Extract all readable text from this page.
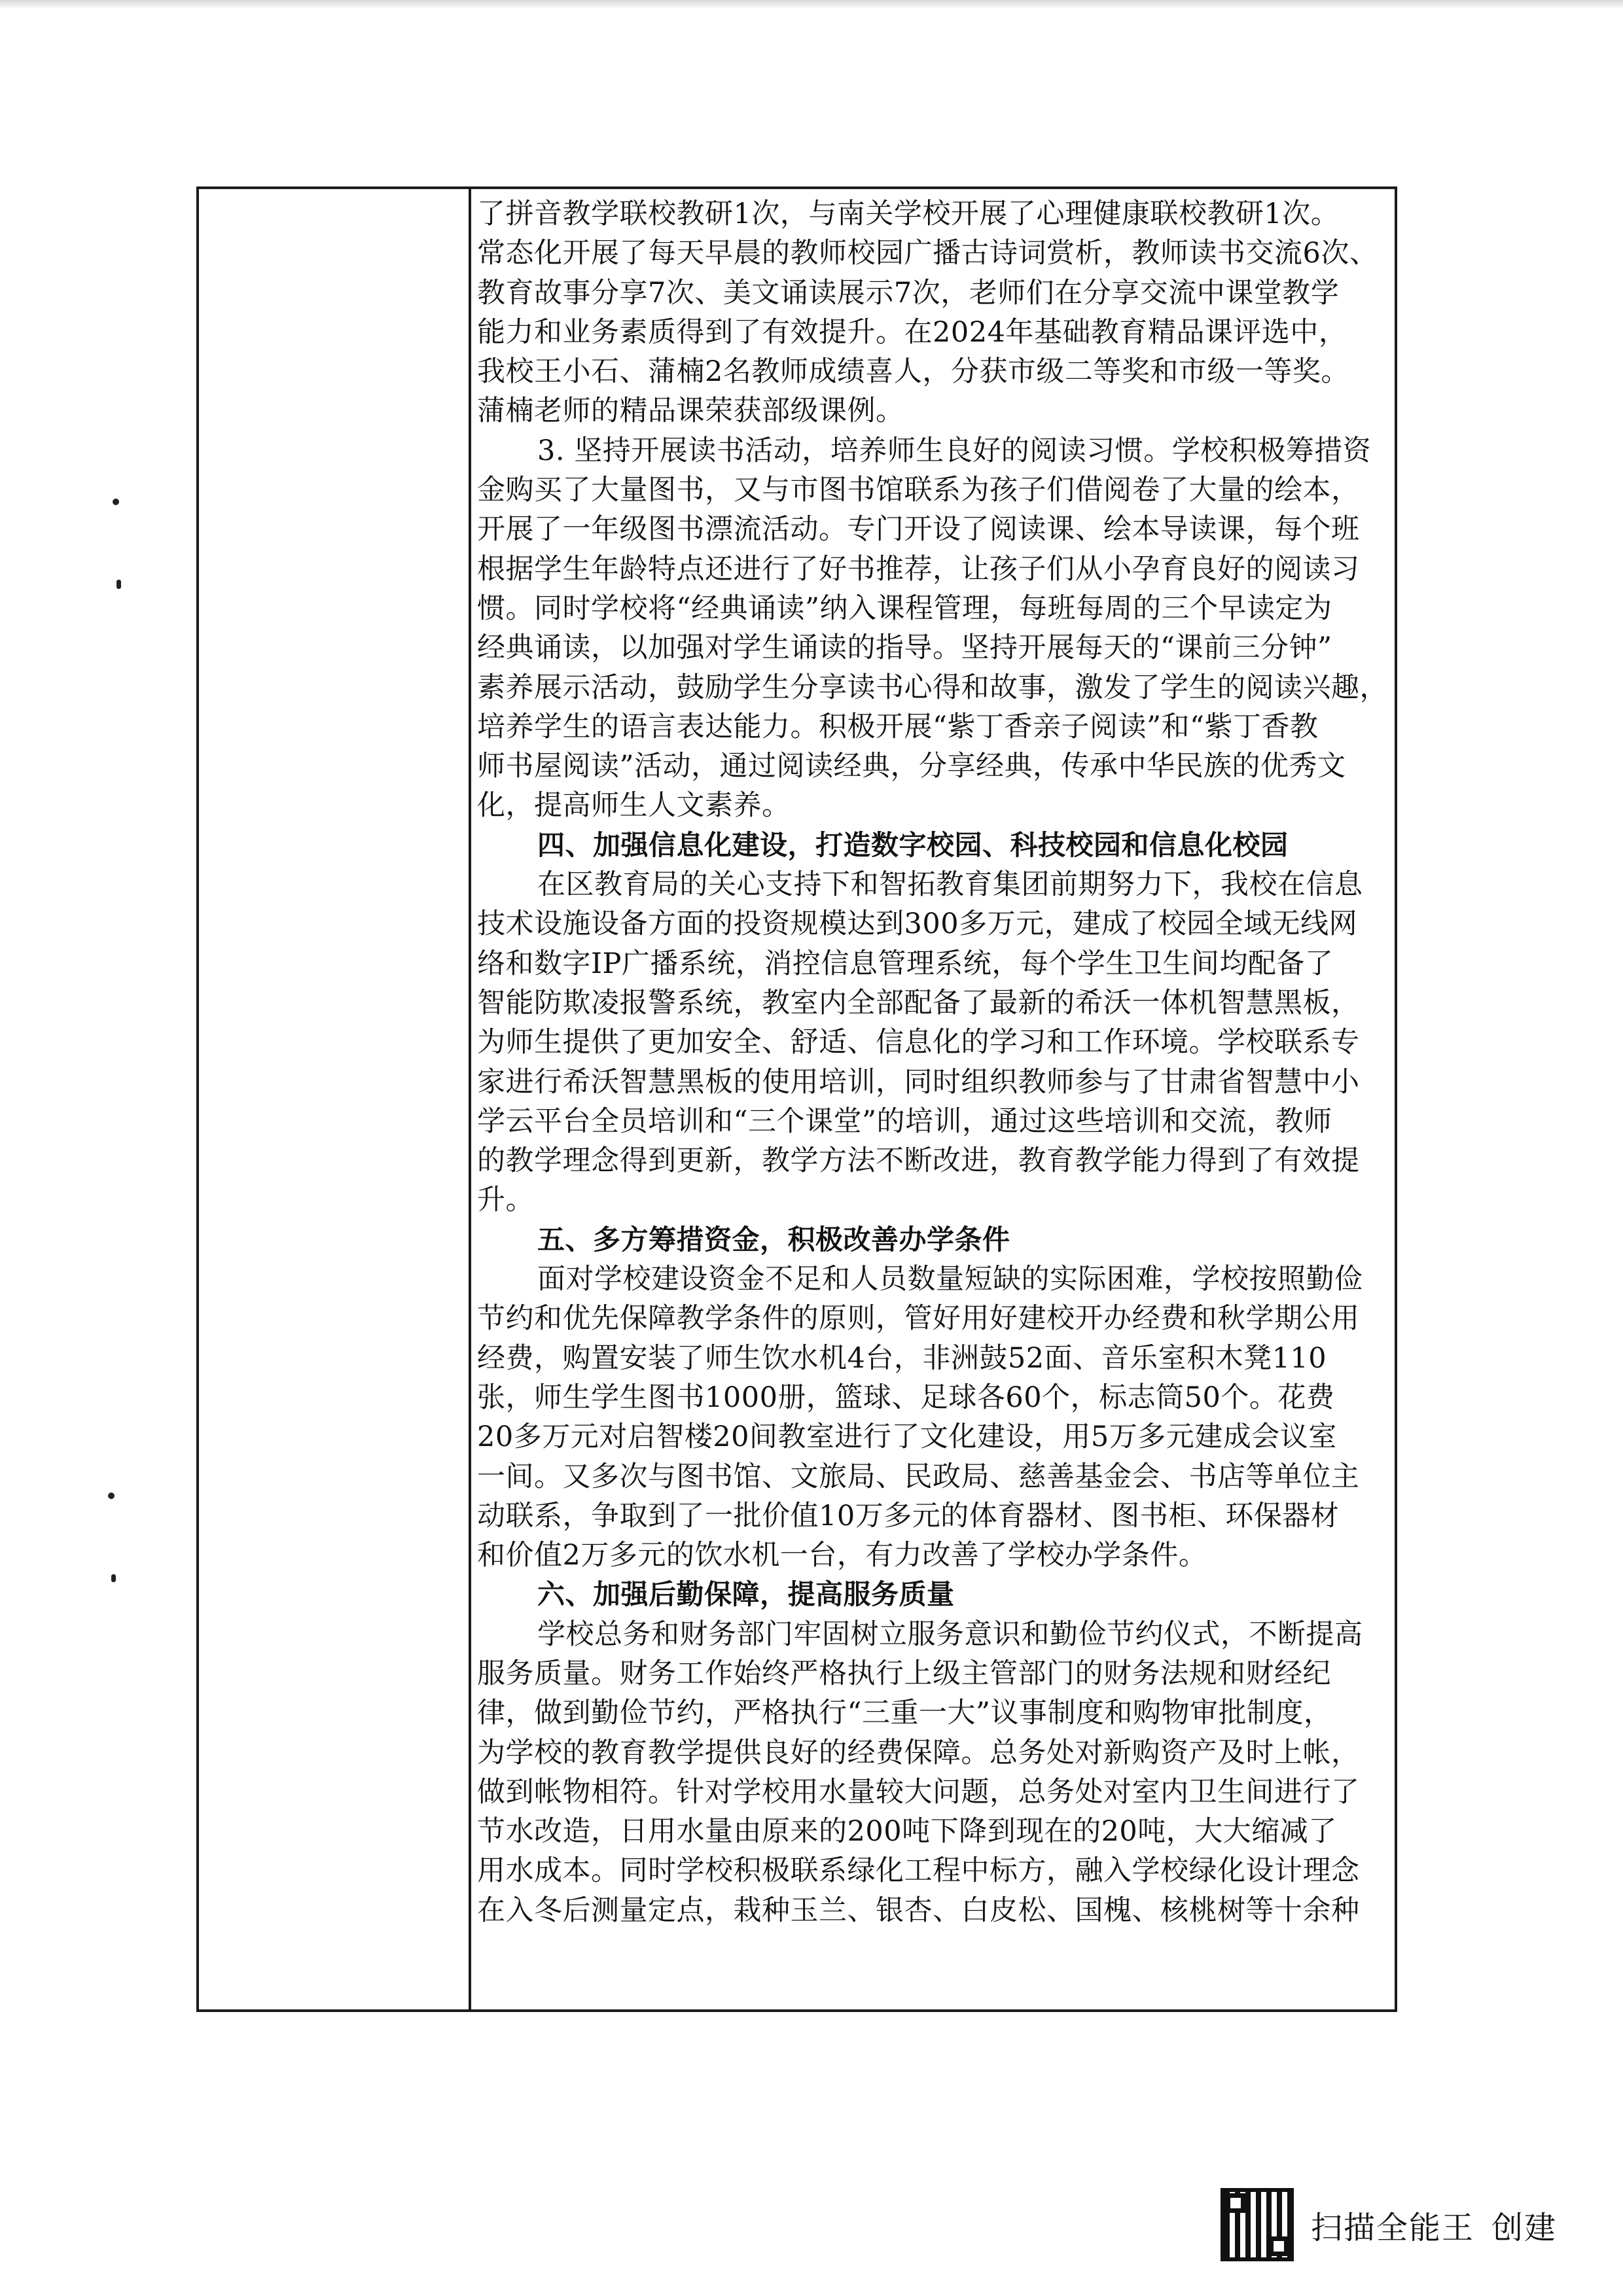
了拼音教学联校教研1次，与南关学校开展了心理健康联校教研1次。
常态化开展了每天早晨的教师校园广播古诗词赏析，教师读书交流6次、
教育故事分享7次、美文诵读展示7次，老师们在分享交流中课堂教学
能力和业务素质得到了有效提升。在2024年基础教育精品课评选中，
我校王小石、蒲楠2名教师成绩喜人，分获市级二等奖和市级一等奖。
蒲楠老师的精品课荣获部级课例。
3. 坚持开展读书活动，培养师生良好的阅读习惯。学校积极筹措资
金购买了大量图书，又与市图书馆联系为孩子们借阅卷了大量的绘本，
开展了一年级图书漂流活动。专门开设了阅读课、绘本导读课，每个班
根据学生年龄特点还进行了好书推荐，让孩子们从小孕育良好的阅读习
惯。同时学校将“经典诵读”纳入课程管理，每班每周的三个早读定为
经典诵读，以加强对学生诵读的指导。坚持开展每天的“课前三分钟”
素养展示活动，鼓励学生分享读书心得和故事，激发了学生的阅读兴趣，
培养学生的语言表达能力。积极开展“紫丁香亲子阅读”和“紫丁香教
师书屋阅读”活动，通过阅读经典，分享经典，传承中华民族的优秀文
化，提高师生人文素养。
四、加强信息化建设，打造数字校园、科技校园和信息化校园
在区教育局的关心支持下和智拓教育集团前期努力下，我校在信息
技术设施设备方面的投资规模达到300多万元，建成了校园全域无线网
络和数字IP广播系统，消控信息管理系统，每个学生卫生间均配备了
智能防欺凌报警系统，教室内全部配备了最新的希沃一体机智慧黑板，
为师生提供了更加安全、舒适、信息化的学习和工作环境。学校联系专
家进行希沃智慧黑板的使用培训，同时组织教师参与了甘肃省智慧中小
学云平台全员培训和“三个课堂”的培训，通过这些培训和交流，教师
的教学理念得到更新，教学方法不断改进，教育教学能力得到了有效提
升。
五、多方筹措资金，积极改善办学条件
面对学校建设资金不足和人员数量短缺的实际困难，学校按照勤俭
节约和优先保障教学条件的原则，管好用好建校开办经费和秋学期公用
经费，购置安装了师生饮水机4台，非洲鼓52面、音乐室积木凳110
张，师生学生图书1000册，篮球、足球各60个，标志筒50个。花费
20多万元对启智楼20间教室进行了文化建设，用5万多元建成会议室
一间。又多次与图书馆、文旅局、民政局、慈善基金会、书店等单位主
动联系，争取到了一批价值10万多元的体育器材、图书柜、环保器材
和价值2万多元的饮水机一台，有力改善了学校办学条件。
六、加强后勤保障，提高服务质量
学校总务和财务部门牢固树立服务意识和勤俭节约仪式，不断提高
服务质量。财务工作始终严格执行上级主管部门的财务法规和财经纪
律，做到勤俭节约，严格执行“三重一大”议事制度和购物审批制度，
为学校的教育教学提供良好的经费保障。总务处对新购资产及时上帐，
做到帐物相符。针对学校用水量较大问题，总务处对室内卫生间进行了
节水改造，日用水量由原来的200吨下降到现在的20吨，大大缩减了
用水成本。同时学校积极联系绿化工程中标方，融入学校绿化设计理念
在入冬后测量定点，栽种玉兰、银杏、白皮松、国槐、核桃树等十余种
扫描全能王 创建
